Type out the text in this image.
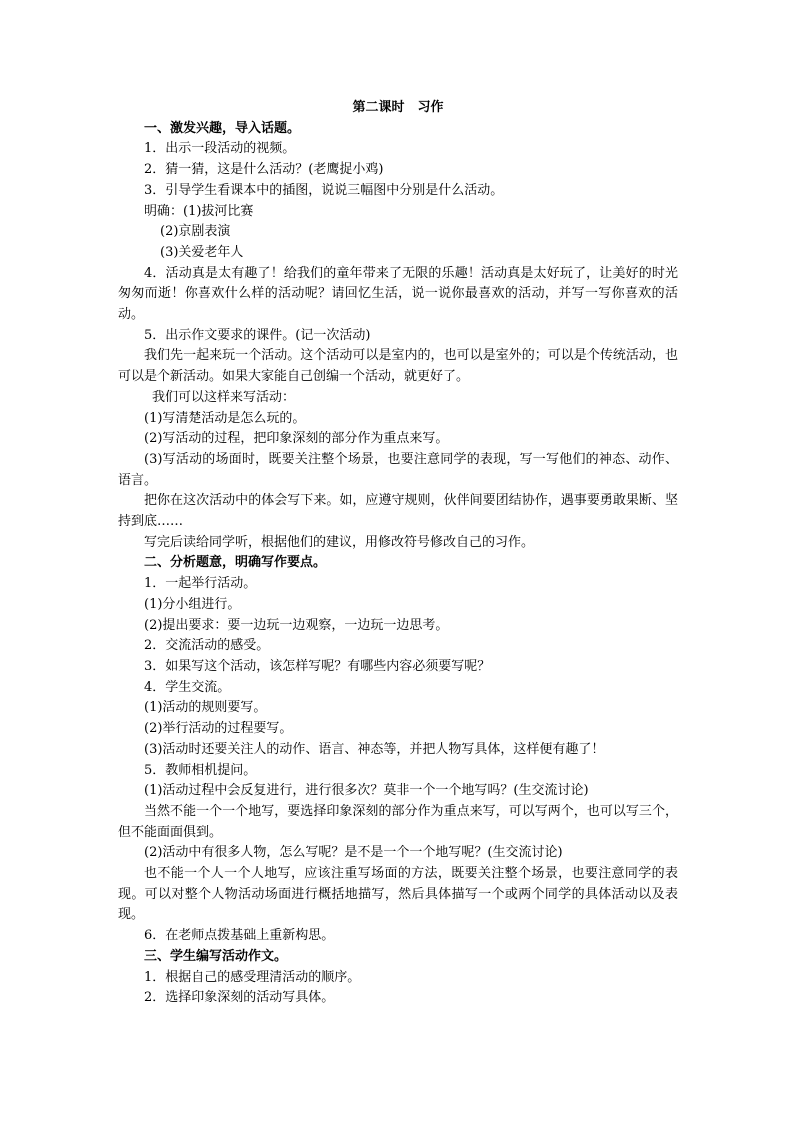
第二课时　习作

一、激发兴趣，导入话题。

1．出示一段活动的视频。

2．猜一猜，这是什么活动？(老鹰捉小鸡)

3．引导学生看课本中的插图，说说三幅图中分别是什么活动。

明确：(1)拔河比赛

(2)京剧表演

(3)关爱老年人

4．活动真是太有趣了！给我们的童年带来了无限的乐趣！活动真是太好玩了，让美好的时光匆匆而逝！你喜欢什么样的活动呢？请回忆生活，说一说你最喜欢的活动，并写一写你喜欢的活动。

5．出示作文要求的课件。(记一次活动)

我们先一起来玩一个活动。这个活动可以是室内的，也可以是室外的；可以是个传统活动，也可以是个新活动。如果大家能自己创编一个活动，就更好了。

我们可以这样来写活动：

(1)写清楚活动是怎么玩的。

(2)写活动的过程，把印象深刻的部分作为重点来写。

(3)写活动的场面时，既要关注整个场景，也要注意同学的表现，写一写他们的神态、动作、语言。

把你在这次活动中的体会写下来。如，应遵守规则，伙伴间要团结协作，遇事要勇敢果断、坚持到底……

写完后读给同学听，根据他们的建议，用修改符号修改自己的习作。

二、分析题意，明确写作要点。

1．一起举行活动。

(1)分小组进行。

(2)提出要求：要一边玩一边观察，一边玩一边思考。

2．交流活动的感受。

3．如果写这个活动，该怎样写呢？有哪些内容必须要写呢？

4．学生交流。

(1)活动的规则要写。

(2)举行活动的过程要写。

(3)活动时还要关注人的动作、语言、神态等，并把人物写具体，这样便有趣了！

5．教师相机提问。

(1)活动过程中会反复进行，进行很多次？莫非一个一个地写吗？(生交流讨论)

当然不能一个一个地写，要选择印象深刻的部分作为重点来写，可以写两个，也可以写三个，但不能面面俱到。

(2)活动中有很多人物，怎么写呢？是不是一个一个地写呢？(生交流讨论)

也不能一个人一个人地写，应该注重写场面的方法，既要关注整个场景，也要注意同学的表现。可以对整个人物活动场面进行概括地描写，然后具体描写一个或两个同学的具体活动以及表现。

6．在老师点拨基础上重新构思。

三、学生编写活动作文。

1．根据自己的感受理清活动的顺序。

2．选择印象深刻的活动写具体。
